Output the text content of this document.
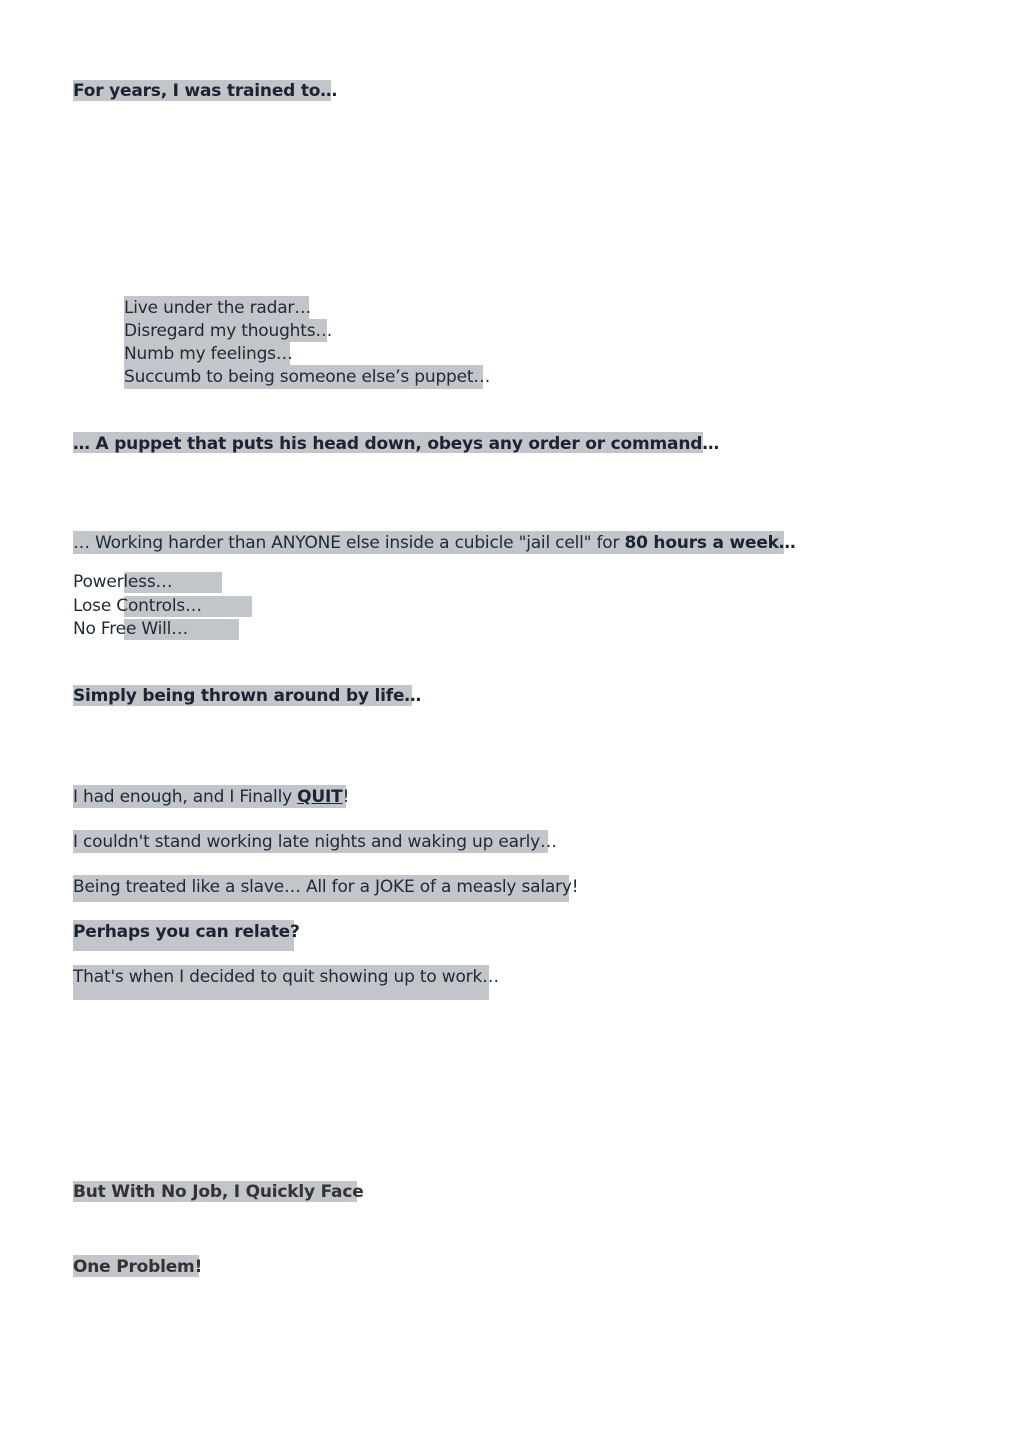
For years, I was trained to…
Live under the radar…
Disregard my thoughts…
Numb my feelings…
Succumb to being someone else’s puppet…
… A puppet that puts his head down, obeys any order or command…
… Working harder than ANYONE else inside a cubicle "jail cell" for 80 hours a week…
Powerless…
Lose Controls…
No Free Will…
Simply being thrown around by life…
I had enough, and I Finally QUIT!
I couldn't stand working late nights and waking up early…
Being treated like a slave… All for a JOKE of a measly salary!
Perhaps you can relate?
That's when I decided to quit showing up to work…
But With No Job, I Quickly Face
One Problem!
